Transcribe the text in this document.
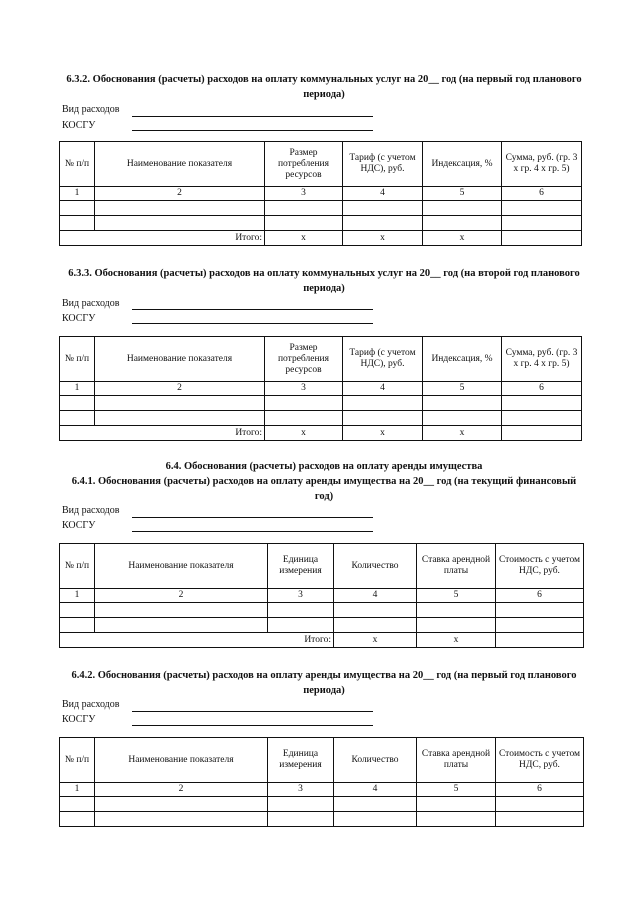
6.3.2. Обоснования (расчеты) расходов на оплату коммунальных услуг на 20__ год (на первый год планового периода)
Вид расходов
КОСГУ
№ п/п	Наименование показателя	Размер потребления ресурсов	Тариф (с учетом НДС), руб.	Индексация, %	Сумма, руб. (гр. 3 х гр. 4 х гр. 5)
1	2	3	4	5	6

Итого:		x	x	x	
6.3.3. Обоснования (расчеты) расходов на оплату коммунальных услуг на 20__ год (на второй год планового периода)
Вид расходов
КОСГУ
№ п/п	Наименование показателя	Размер потребления ресурсов	Тариф (с учетом НДС), руб.	Индексация, %	Сумма, руб. (гр. 3 х гр. 4 х гр. 5)
1	2	3	4	5	6

Итого:		x	x	x	
6.4. Обоснования (расчеты) расходов на оплату аренды имущества
6.4.1. Обоснования (расчеты) расходов на оплату аренды имущества на 20__ год (на текущий финансовый год)
Вид расходов
КОСГУ
№ п/п	Наименование показателя	Единица измерения	Количество	Ставка арендной платы	Стоимость с учетом НДС, руб.
1	2	3	4	5	6

Итого:			x	x	
6.4.2. Обоснования (расчеты) расходов на оплату аренды имущества на 20__ год (на первый год планового периода)
Вид расходов
КОСГУ
№ п/п	Наименование показателя	Единица измерения	Количество	Ставка арендной платы	Стоимость с учетом НДС, руб.
1	2	3	4	5	6
